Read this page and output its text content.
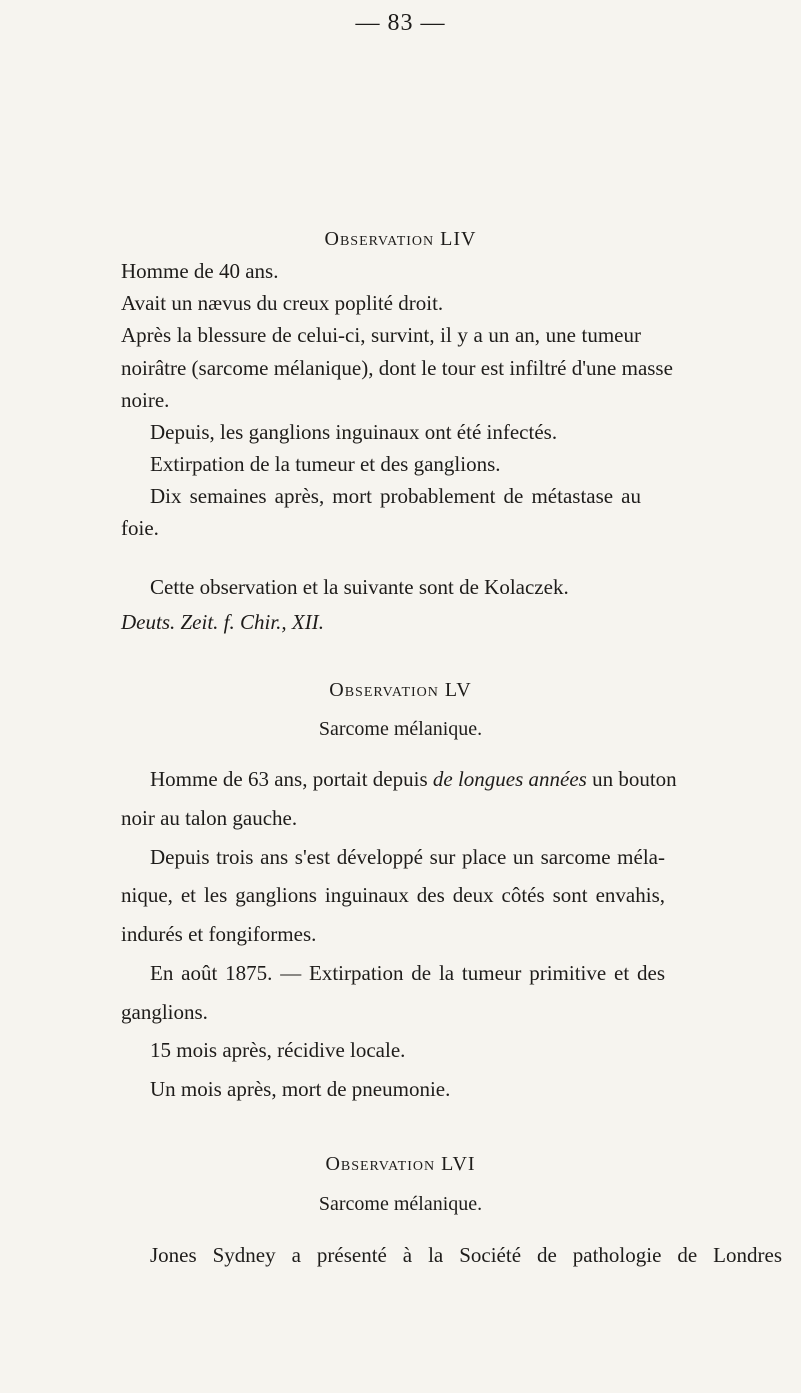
— 83 —
Observation LIV
Homme de 40 ans.
Avait un nævus du creux poplité droit.
Après la blessure de celui-ci, survint, il y a un an, une tumeur
noirâtre (sarcome mélanique), dont le tour est infiltré d'une masse
noire.
Depuis, les ganglions inguinaux ont été infectés.
Extirpation de la tumeur et des ganglions.
Dix semaines après, mort probablement de métastase au
foie.
Cette observation et la suivante sont de Kolaczek.
Deuts. Zeit. f. Chir., XII.
Observation LV
Sarcome mélanique.
Homme de 63 ans, portait depuis de longues années un bouton
noir au talon gauche.
Depuis trois ans s'est développé sur place un sarcome méla-
nique, et les ganglions inguinaux des deux côtés sont envahis,
indurés et fongiformes.
En août 1875. — Extirpation de la tumeur primitive et des
ganglions.
15 mois après, récidive locale.
Un mois après, mort de pneumonie.
Observation LVI
Sarcome mélanique.
Jones Sydney a présenté à la Société de pathologie de Londres
